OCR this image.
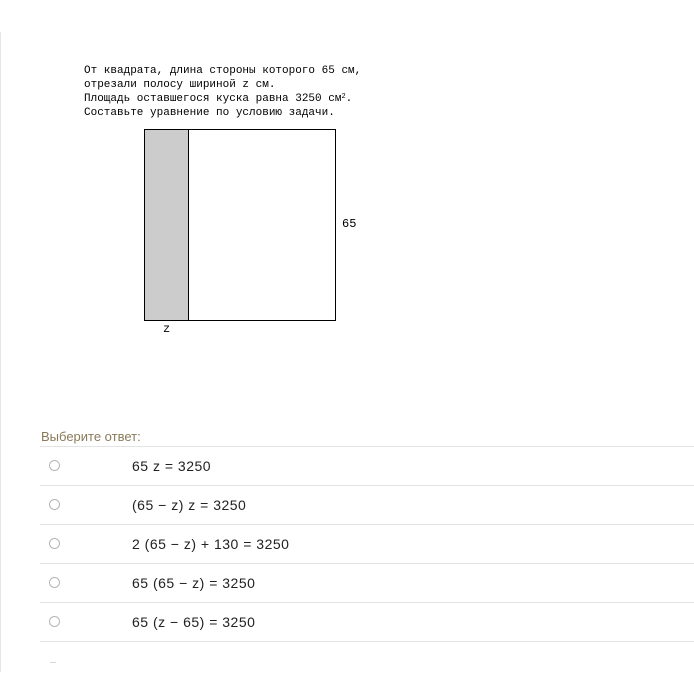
От квадрата, длина стороны которого 65 см,
отрезали полосу шириной z см.
Площадь оставшегося куска равна 3250 $см^2$.
Составьте уравнение по условию задачи.
65
z
Выберите ответ:
65 z = 3250
(65 − z) z = 3250
2 (65 − z) + 130 = 3250
65 (65 − z) = 3250
65 (z − 65) = 3250
